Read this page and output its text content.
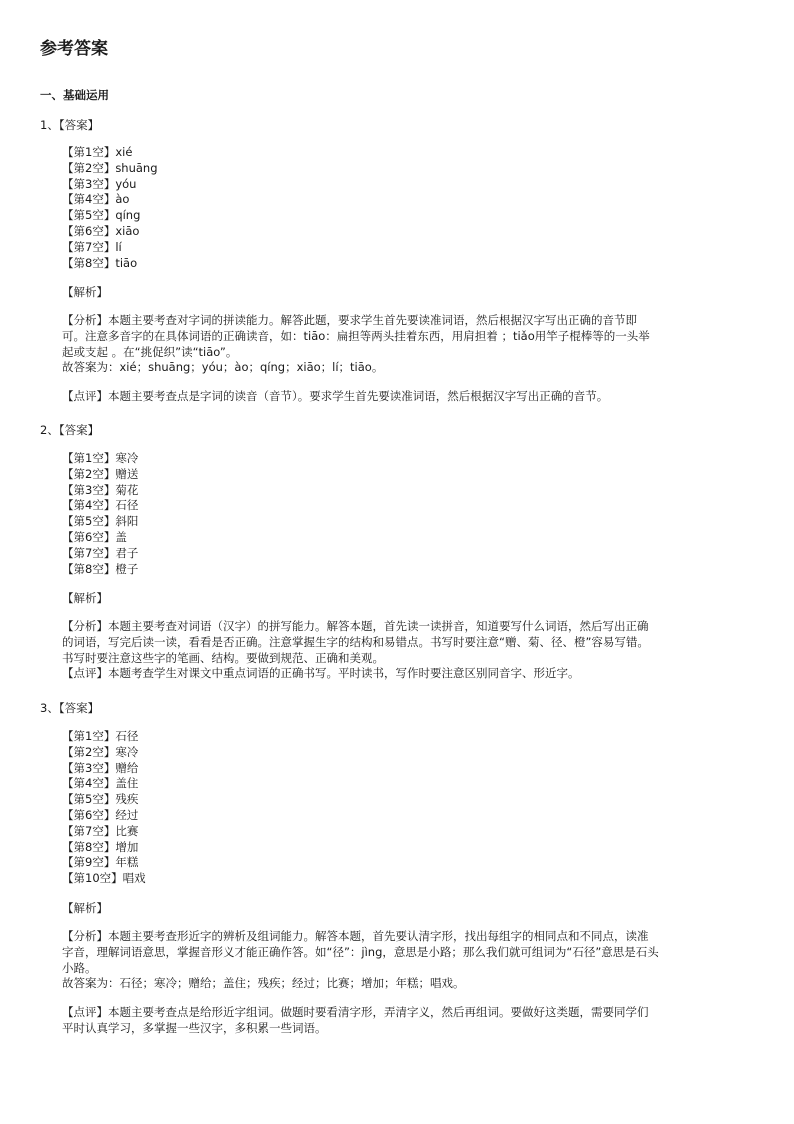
参考答案
一、基础运用
1、【答案】
【第1空】xié
【第2空】shuāng
【第3空】yóu
【第4空】ào
【第5空】qíng
【第6空】xiāo
【第7空】lí
【第8空】tiāo
【解析】
【分析】本题主要考查对字词的拼读能力。解答此题，要求学生首先要读准词语，然后根据汉字写出正确的音节即
可。注意多音字的在具体词语的正确读音，如：tiāo：扁担等两头挂着东西，用肩担着 ；tiǎo用竿子棍棒等的一头举
起或支起 。在“挑促织”读“tiāo”。
故答案为：xié；shuāng；yóu；ào；qíng；xiāo；lí；tiāo。
【点评】本题主要考查点是字词的读音（音节）。要求学生首先要读准词语，然后根据汉字写出正确的音节。
2、【答案】
【第1空】寒冷
【第2空】赠送
【第3空】菊花
【第4空】石径
【第5空】斜阳
【第6空】盖
【第7空】君子
【第8空】橙子
【解析】
【分析】本题主要考查对词语（汉字）的拼写能力。解答本题，首先读一读拼音，知道要写什么词语，然后写出正确
的词语，写完后读一读，看看是否正确。注意掌握生字的结构和易错点。书写时要注意“赠、菊、径、橙”容易写错。
书写时要注意这些字的笔画、结构。要做到规范、正确和美观。
【点评】本题考查学生对课文中重点词语的正确书写。平时读书，写作时要注意区别同音字、形近字。
3、【答案】
【第1空】石径
【第2空】寒冷
【第3空】赠给
【第4空】盖住
【第5空】残疾
【第6空】经过
【第7空】比赛
【第8空】增加
【第9空】年糕
【第10空】唱戏
【解析】
【分析】本题主要考查形近字的辨析及组词能力。解答本题，首先要认清字形，找出每组字的相同点和不同点，读准
字音，理解词语意思，掌握音形义才能正确作答。如“径”：jìng，意思是小路；那么我们就可组词为“石径”意思是石头
小路。
故答案为：石径；寒冷；赠给；盖住；残疾；经过；比赛；增加；年糕；唱戏。
【点评】本题主要考查点是给形近字组词。做题时要看清字形，弄清字义，然后再组词。要做好这类题，需要同学们
平时认真学习，多掌握一些汉字，多积累一些词语。
